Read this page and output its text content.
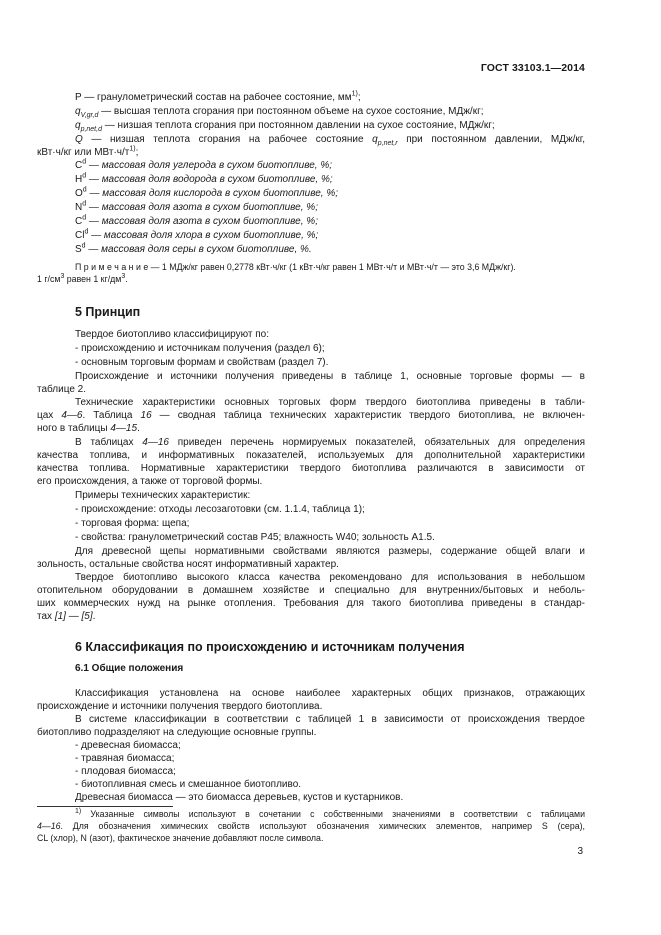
ГОСТ 33103.1—2014
P — гранулометрический состав на рабочее состояние, $мм^{1)}$;
$q_{V,gr,d}$ — высшая теплота сгорания при постоянном объеме на сухое состояние, МДж/кг;
$q_{p,net,d}$ — низшая теплота сгорания при постоянном давлении на сухое состояние, МДж/кг;
Q — низшая теплота сгорания на рабочее состояние $q_{p,net,r}$ при постоянном давлении, МДж/кг,
кВт·ч/кг или $МВт\cdot ч/т^{1)}$;
$C^d$ — массовая доля углерода в сухом биотопливе, %;
$H^d$ — массовая доля водорода в сухом биотопливе, %;
$O^d$ — массовая доля кислорода в сухом биотопливе, %;
$N^d$ — массовая доля азота в сухом биотопливе, %;
$C^d$ — массовая доля азота в сухом биотопливе, %;
Cl$^d$ — массовая доля хлора в сухом биотопливе, %;
$S^d$ — массовая доля серы в сухом биотопливе, %.
П р и м е ч а н и е — 1 МДж/кг равен 0,2778 кВт·ч/кг (1 кВт·ч/кг равен 1 МВт·ч/т и МВт·ч/т — это 3,6 МДж/кг).
1 $г/см^3$ равен 1 $кг/дм^3$.
5 Принцип
Твердое биотопливо классифицируют по:
- происхождению и источникам получения (раздел 6);
- основным торговым формам и свойствам (раздел 7).
Происхождение и источники получения приведены в таблице 1, основные торговые формы — в
таблице 2.
Технические характеристики основных торговых форм твердого биотоплива приведены в табли-
цах 4—6. Таблица 16 — сводная таблица технических характеристик твердого биотоплива, не включен-
ного в таблицы 4—15.
В таблицах 4—16 приведен перечень нормируемых показателей, обязательных для определения
качества топлива, и информативных показателей, используемых для дополнительной характеристики
качества топлива. Нормативные характеристики твердого биотоплива различаются в зависимости от
его происхождения, а также от торговой формы.
Примеры технических характеристик:
- происхождение: отходы лесозаготовки (см. 1.1.4, таблица 1);
- торговая форма: щепа;
- свойства: гранулометрический состав P45; влажность W40; зольность A1.5.
Для древесной щепы нормативными свойствами являются размеры, содержание общей влаги и
зольность, остальные свойства носят информативный характер.
Твердое биотопливо высокого класса качества рекомендовано для использования в небольшом
отопительном оборудовании в домашнем хозяйстве и специально для внутренних/бытовых и неболь-
ших коммерческих нужд на рынке отопления. Требования для такого биотоплива приведены в стандар-
тах [1] — [5].
6 Классификация по происхождению и источникам получения
6.1 Общие положения
Классификация установлена на основе наиболее характерных общих признаков, отражающих
происхождение и источники получения твердого биотоплива.
В системе классификации в соответствии с таблицей 1 в зависимости от происхождения твердое
биотопливо подразделяют на следующие основные группы.
- древесная биомасса;
- травяная биомасса;
- плодовая биомасса;
- биотопливная смесь и смешанное биотопливо.
Древесная биомасса — это биомасса деревьев, кустов и кустарников.
$^{1)}$ Указанные символы используют в сочетании с собственными значениями в соответствии с таблицами
4—16. Для обозначения химических свойств используют обозначения химических элементов, например S (сера),
CL (хлор), N (азот), фактическое значение добавляют после символа.
3
